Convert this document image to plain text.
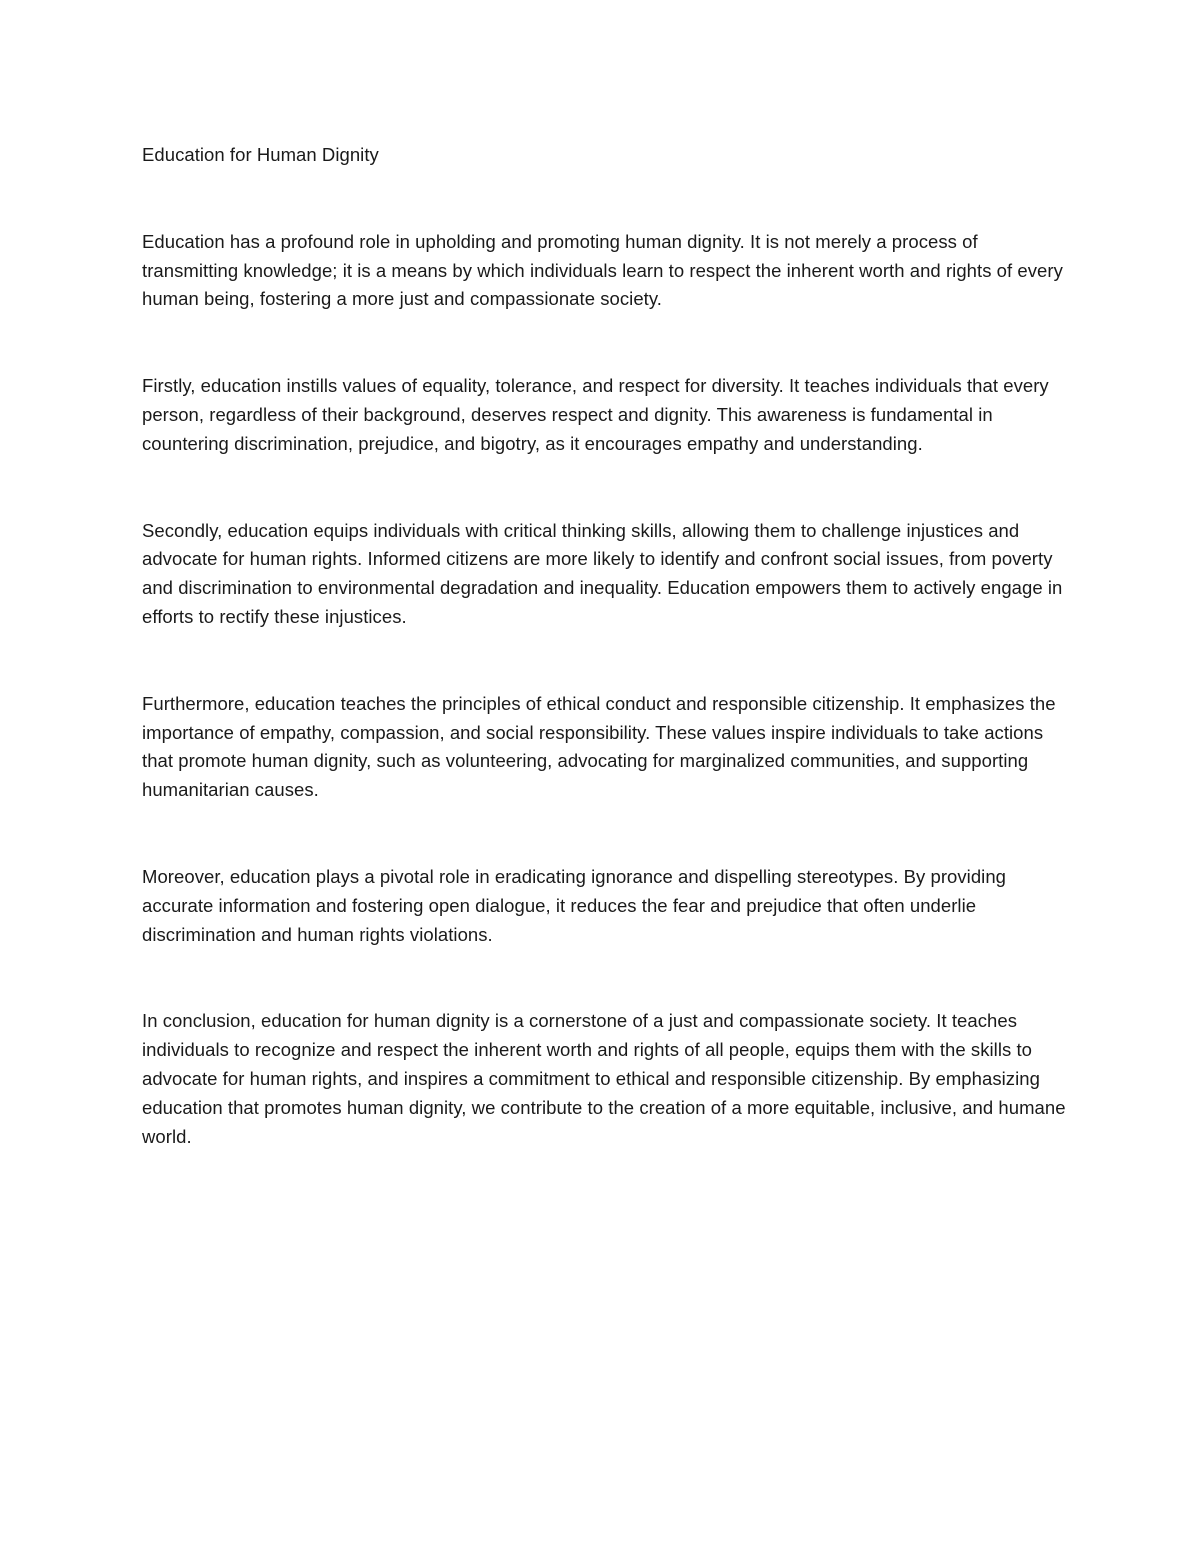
Education for Human Dignity

Education has a profound role in upholding and promoting human dignity. It is not merely a process of transmitting knowledge; it is a means by which individuals learn to respect the inherent worth and rights of every human being, fostering a more just and compassionate society.

Firstly, education instills values of equality, tolerance, and respect for diversity. It teaches individuals that every person, regardless of their background, deserves respect and dignity. This awareness is fundamental in countering discrimination, prejudice, and bigotry, as it encourages empathy and understanding.

Secondly, education equips individuals with critical thinking skills, allowing them to challenge injustices and advocate for human rights. Informed citizens are more likely to identify and confront social issues, from poverty and discrimination to environmental degradation and inequality. Education empowers them to actively engage in efforts to rectify these injustices.

Furthermore, education teaches the principles of ethical conduct and responsible citizenship. It emphasizes the importance of empathy, compassion, and social responsibility. These values inspire individuals to take actions that promote human dignity, such as volunteering, advocating for marginalized communities, and supporting humanitarian causes.

Moreover, education plays a pivotal role in eradicating ignorance and dispelling stereotypes. By providing accurate information and fostering open dialogue, it reduces the fear and prejudice that often underlie discrimination and human rights violations.

In conclusion, education for human dignity is a cornerstone of a just and compassionate society. It teaches individuals to recognize and respect the inherent worth and rights of all people, equips them with the skills to advocate for human rights, and inspires a commitment to ethical and responsible citizenship. By emphasizing education that promotes human dignity, we contribute to the creation of a more equitable, inclusive, and humane world.
